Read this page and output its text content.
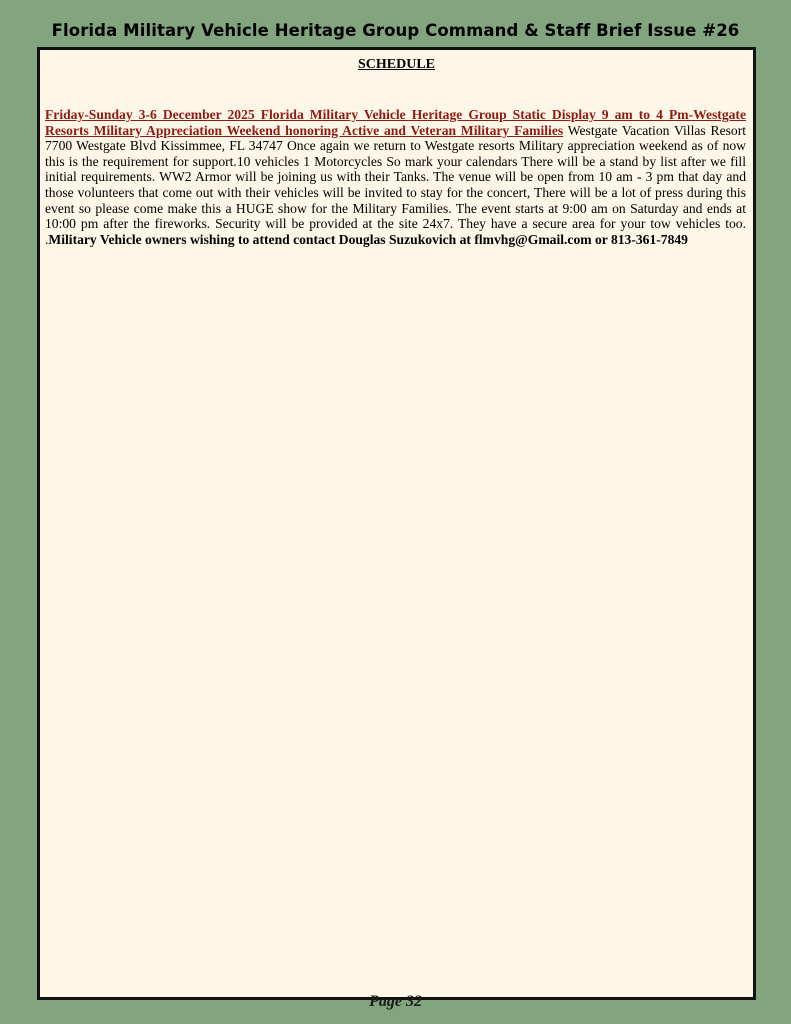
Florida Military Vehicle Heritage Group Command & Staff Brief Issue #26
SCHEDULE
Friday-Sunday 3-6 December 2025 Florida Military Vehicle Heritage Group Static Display 9 am to 4 Pm-Westgate Resorts Military Appreciation Weekend honoring Active and Veteran Military Families Westgate Vacation Villas Resort 7700 Westgate Blvd Kissimmee, FL 34747 Once again we return to Westgate resorts Military appreciation weekend as of now this is the requirement for support.10 vehicles 1 Motorcycles So mark your calendars There will be a stand by list after we fill initial requirements. WW2 Armor will be joining us with their Tanks. The venue will be open from 10 am - 3 pm that day and those volunteers that come out with their vehicles will be invited to stay for the concert, There will be a lot of press during this event so please come make this a HUGE show for the Military Families. The event starts at 9:00 am on Saturday and ends at 10:00 pm after the fireworks. Security will be provided at the site 24x7. They have a secure area for your tow vehicles too. .Military Vehicle owners wishing to attend contact Douglas Suzukovich at flmvhg@Gmail.com or 813-361-7849
Page 32
